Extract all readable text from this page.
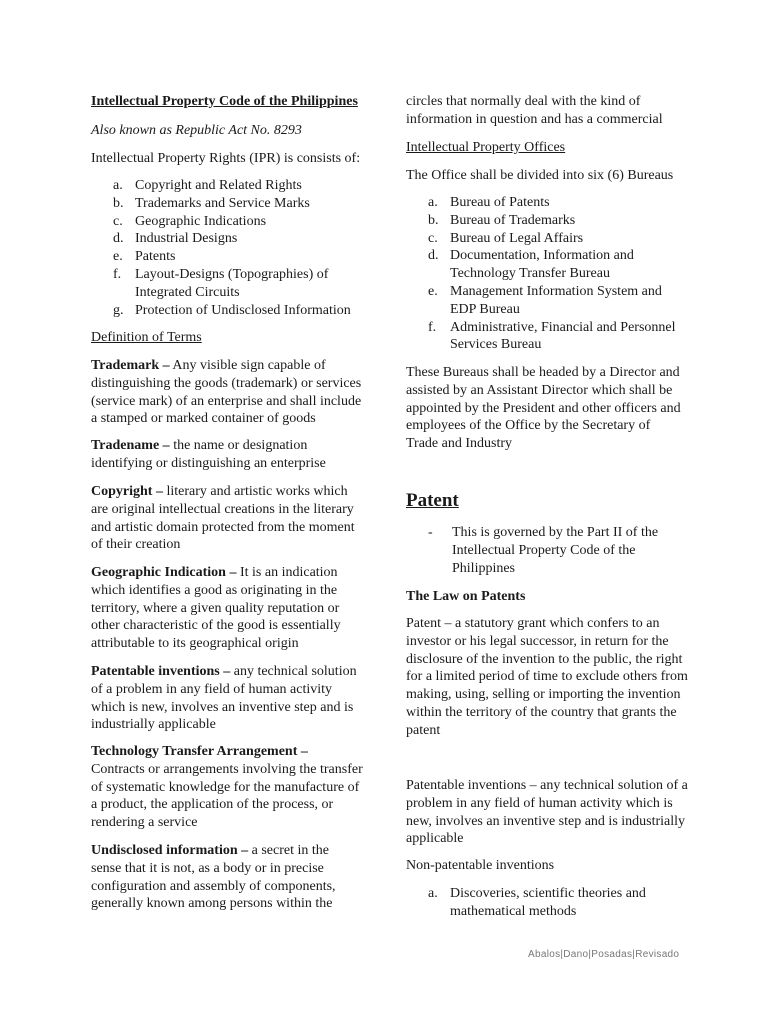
Intellectual Property Code of the Philippines

Also known as Republic Act No. 8293

Intellectual Property Rights (IPR) is consists of:

a. Copyright and Related Rights
b. Trademarks and Service Marks
c. Geographic Indications
d. Industrial Designs
e. Patents
f. Layout-Designs (Topographies) of Integrated Circuits
g. Protection of Undisclosed Information

Definition of Terms

Trademark – Any visible sign capable of distinguishing the goods (trademark) or services (service mark) of an enterprise and shall include a stamped or marked container of goods

Tradename – the name or designation identifying or distinguishing an enterprise

Copyright – literary and artistic works which are original intellectual creations in the literary and artistic domain protected from the moment of their creation

Geographic Indication – It is an indication which identifies a good as originating in the territory, where a given quality reputation or other characteristic of the good is essentially attributable to its geographical origin

Patentable inventions – any technical solution of a problem in any field of human activity which is new, involves an inventive step and is industrially applicable

Technology Transfer Arrangement – Contracts or arrangements involving the transfer of systematic knowledge for the manufacture of a product, the application of the process, or rendering a service

Undisclosed information – a secret in the sense that it is not, as a body or in precise configuration and assembly of components, generally known among persons within the

circles that normally deal with the kind of information in question and has a commercial

Intellectual Property Offices

The Office shall be divided into six (6) Bureaus

a. Bureau of Patents
b. Bureau of Trademarks
c. Bureau of Legal Affairs
d. Documentation, Information and Technology Transfer Bureau
e. Management Information System and EDP Bureau
f. Administrative, Financial and Personnel Services Bureau

These Bureaus shall be headed by a Director and assisted by an Assistant Director which shall be appointed by the President and other officers and employees of the Office by the Secretary of Trade and Industry

Patent

- This is governed by the Part II of the Intellectual Property Code of the Philippines

The Law on Patents

Patent – a statutory grant which confers to an investor or his legal successor, in return for the disclosure of the invention to the public, the right for a limited period of time to exclude others from making, using, selling or importing the invention within the territory of the country that grants the patent

Patentable inventions – any technical solution of a problem in any field of human activity which is new, involves an inventive step and is industrially applicable

Non-patentable inventions

a. Discoveries, scientific theories and mathematical methods
Abalos|Dano|Posadas|Revisado
